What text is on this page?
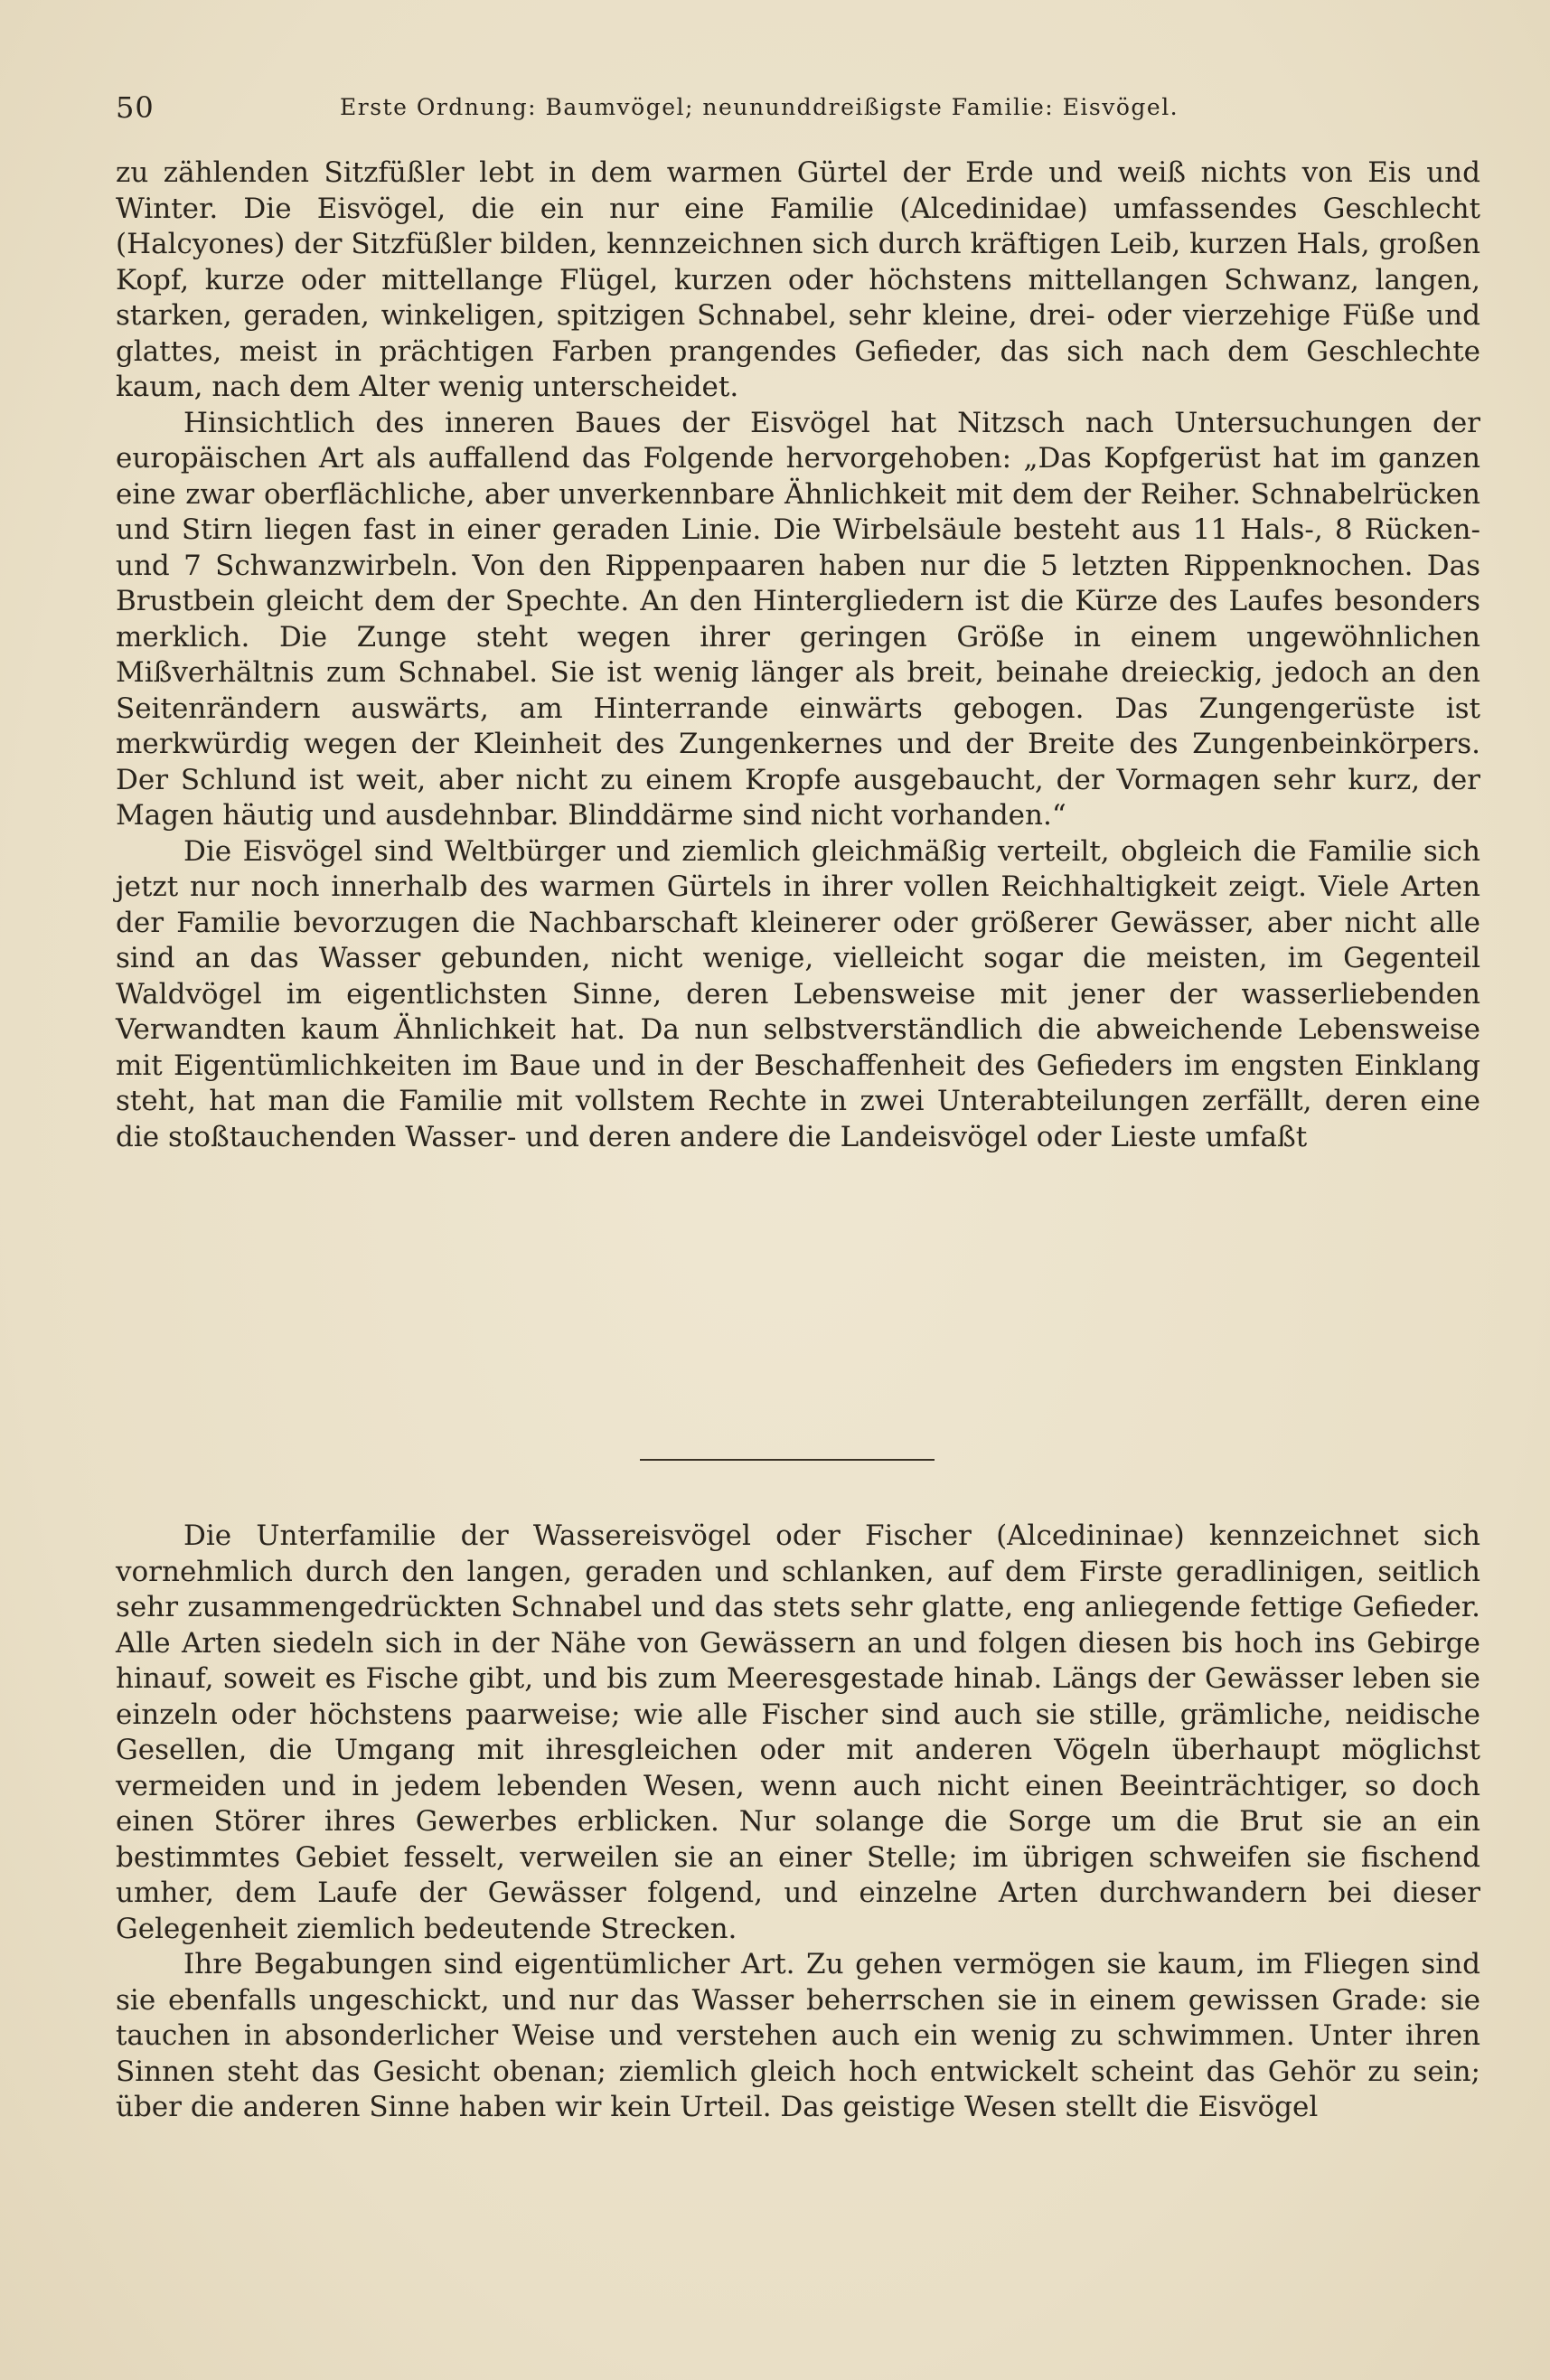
50	Erste Ordnung: Baumvögel; neununddreißigste Familie: Eisvögel.

zu zählenden Sitzfüßler lebt in dem warmen Gürtel der Erde und weiß nichts von Eis und Winter. Die Eisvögel, die ein nur eine Familie (Alcedinidae) umfassendes Geschlecht (Halcyones) der Sitzfüßler bilden, kennzeichnen sich durch kräftigen Leib, kurzen Hals, großen Kopf, kurze oder mittellange Flügel, kurzen oder höchstens mittellangen Schwanz, langen, starken, geraden, winkeligen, spitzigen Schnabel, sehr kleine, drei- oder vierzehige Füße und glattes, meist in prächtigen Farben prangendes Gefieder, das sich nach dem Geschlechte kaum, nach dem Alter wenig unterscheidet.

Hinsichtlich des inneren Baues der Eisvögel hat Nitzsch nach Untersuchungen der europäischen Art als auffallend das Folgende hervorgehoben: „Das Kopfgerüst hat im ganzen eine zwar oberflächliche, aber unverkennbare Ähnlichkeit mit dem der Reiher. Schnabelrücken und Stirn liegen fast in einer geraden Linie. Die Wirbelsäule besteht aus 11 Hals-, 8 Rücken- und 7 Schwanzwirbeln. Von den Rippenpaaren haben nur die 5 letzten Rippenknochen. Das Brustbein gleicht dem der Spechte. An den Hintergliedern ist die Kürze des Laufes besonders merklich. Die Zunge steht wegen ihrer geringen Größe in einem ungewöhnlichen Mißverhältnis zum Schnabel. Sie ist wenig länger als breit, beinahe dreieckig, jedoch an den Seitenrändern auswärts, am Hinterrande einwärts gebogen. Das Zungengerüste ist merkwürdig wegen der Kleinheit des Zungenkernes und der Breite des Zungenbeinkörpers. Der Schlund ist weit, aber nicht zu einem Kropfe ausgebaucht, der Vormagen sehr kurz, der Magen häutig und ausdehnbar. Blinddärme sind nicht vorhanden.“

Die Eisvögel sind Weltbürger und ziemlich gleichmäßig verteilt, obgleich die Familie sich jetzt nur noch innerhalb des warmen Gürtels in ihrer vollen Reichhaltigkeit zeigt. Viele Arten der Familie bevorzugen die Nachbarschaft kleinerer oder größerer Gewässer, aber nicht alle sind an das Wasser gebunden, nicht wenige, vielleicht sogar die meisten, im Gegenteil Waldvögel im eigentlichsten Sinne, deren Lebensweise mit jener der wasserliebenden Verwandten kaum Ähnlichkeit hat. Da nun selbstverständlich die abweichende Lebensweise mit Eigentümlichkeiten im Baue und in der Beschaffenheit des Gefieders im engsten Einklang steht, hat man die Familie mit vollstem Rechte in zwei Unterabteilungen zerfällt, deren eine die stoßtauchenden Wasser- und deren andere die Landeisvögel oder Lieste umfaßt

Die Unterfamilie der Wassereisvögel oder Fischer (Alcedininae) kennzeichnet sich vornehmlich durch den langen, geraden und schlanken, auf dem Firste geradlinigen, seitlich sehr zusammengedrückten Schnabel und das stets sehr glatte, eng anliegende fettige Gefieder. Alle Arten siedeln sich in der Nähe von Gewässern an und folgen diesen bis hoch ins Gebirge hinauf, soweit es Fische gibt, und bis zum Meeresgestade hinab. Längs der Gewässer leben sie einzeln oder höchstens paarweise; wie alle Fischer sind auch sie stille, grämliche, neidische Gesellen, die Umgang mit ihresgleichen oder mit anderen Vögeln überhaupt möglichst vermeiden und in jedem lebenden Wesen, wenn auch nicht einen Beeinträchtiger, so doch einen Störer ihres Gewerbes erblicken. Nur solange die Sorge um die Brut sie an ein bestimmtes Gebiet fesselt, verweilen sie an einer Stelle; im übrigen schweifen sie fischend umher, dem Laufe der Gewässer folgend, und einzelne Arten durchwandern bei dieser Gelegenheit ziemlich bedeutende Strecken.

Ihre Begabungen sind eigentümlicher Art. Zu gehen vermögen sie kaum, im Fliegen sind sie ebenfalls ungeschickt, und nur das Wasser beherrschen sie in einem gewissen Grade: sie tauchen in absonderlicher Weise und verstehen auch ein wenig zu schwimmen. Unter ihren Sinnen steht das Gesicht obenan; ziemlich gleich hoch entwickelt scheint das Gehör zu sein; über die anderen Sinne haben wir kein Urteil. Das geistige Wesen stellt die Eisvögel
